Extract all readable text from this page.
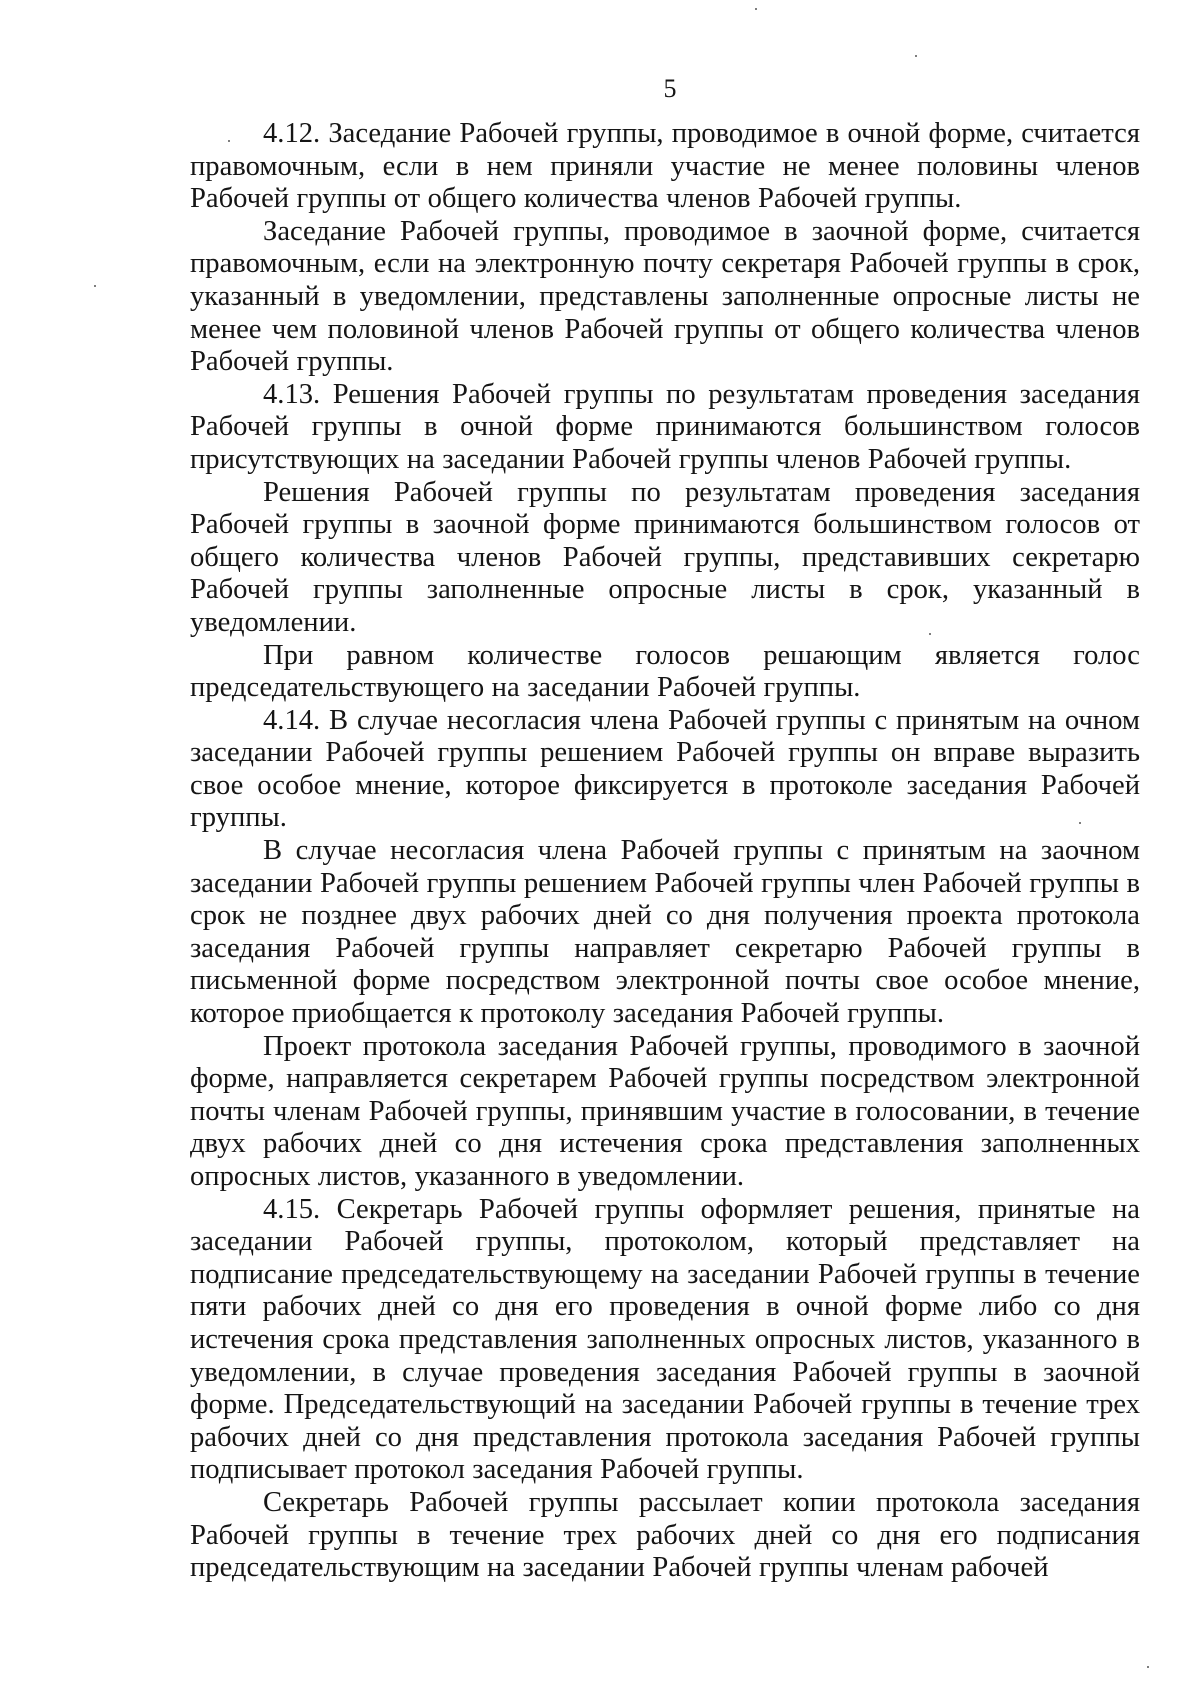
5

4.12. Заседание Рабочей группы, проводимое в очной форме, считается правомочным, если в нем приняли участие не менее половины членов Рабочей группы от общего количества членов Рабочей группы.

Заседание Рабочей группы, проводимое в заочной форме, считается правомочным, если на электронную почту секретаря Рабочей группы в срок, указанный в уведомлении, представлены заполненные опросные листы не менее чем половиной членов Рабочей группы от общего количества членов Рабочей группы.

4.13. Решения Рабочей группы по результатам проведения заседания Рабочей группы в очной форме принимаются большинством голосов присутствующих на заседании Рабочей группы членов Рабочей группы.

Решения Рабочей группы по результатам проведения заседания Рабочей группы в заочной форме принимаются большинством голосов от общего количества членов Рабочей группы, представивших секретарю Рабочей группы заполненные опросные листы в срок, указанный в уведомлении.

При равном количестве голосов решающим является голос председательствующего на заседании Рабочей группы.

4.14. В случае несогласия члена Рабочей группы с принятым на очном заседании Рабочей группы решением Рабочей группы он вправе выразить свое особое мнение, которое фиксируется в протоколе заседания Рабочей группы.

В случае несогласия члена Рабочей группы с принятым на заочном заседании Рабочей группы решением Рабочей группы член Рабочей группы в срок не позднее двух рабочих дней со дня получения проекта протокола заседания Рабочей группы направляет секретарю Рабочей группы в письменной форме посредством электронной почты свое особое мнение, которое приобщается к протоколу заседания Рабочей группы.

Проект протокола заседания Рабочей группы, проводимого в заочной форме, направляется секретарем Рабочей группы посредством электронной почты членам Рабочей группы, принявшим участие в голосовании, в течение двух рабочих дней со дня истечения срока представления заполненных опросных листов, указанного в уведомлении.

4.15. Секретарь Рабочей группы оформляет решения, принятые на заседании Рабочей группы, протоколом, который представляет на подписание председательствующему на заседании Рабочей группы в течение пяти рабочих дней со дня его проведения в очной форме либо со дня истечения срока представления заполненных опросных листов, указанного в уведомлении, в случае проведения заседания Рабочей группы в заочной форме. Председательствующий на заседании Рабочей группы в течение трех рабочих дней со дня представления протокола заседания Рабочей группы подписывает протокол заседания Рабочей группы.

Секретарь Рабочей группы рассылает копии протокола заседания Рабочей группы в течение трех рабочих дней со дня его подписания председательствующим на заседании Рабочей группы членам рабочей
